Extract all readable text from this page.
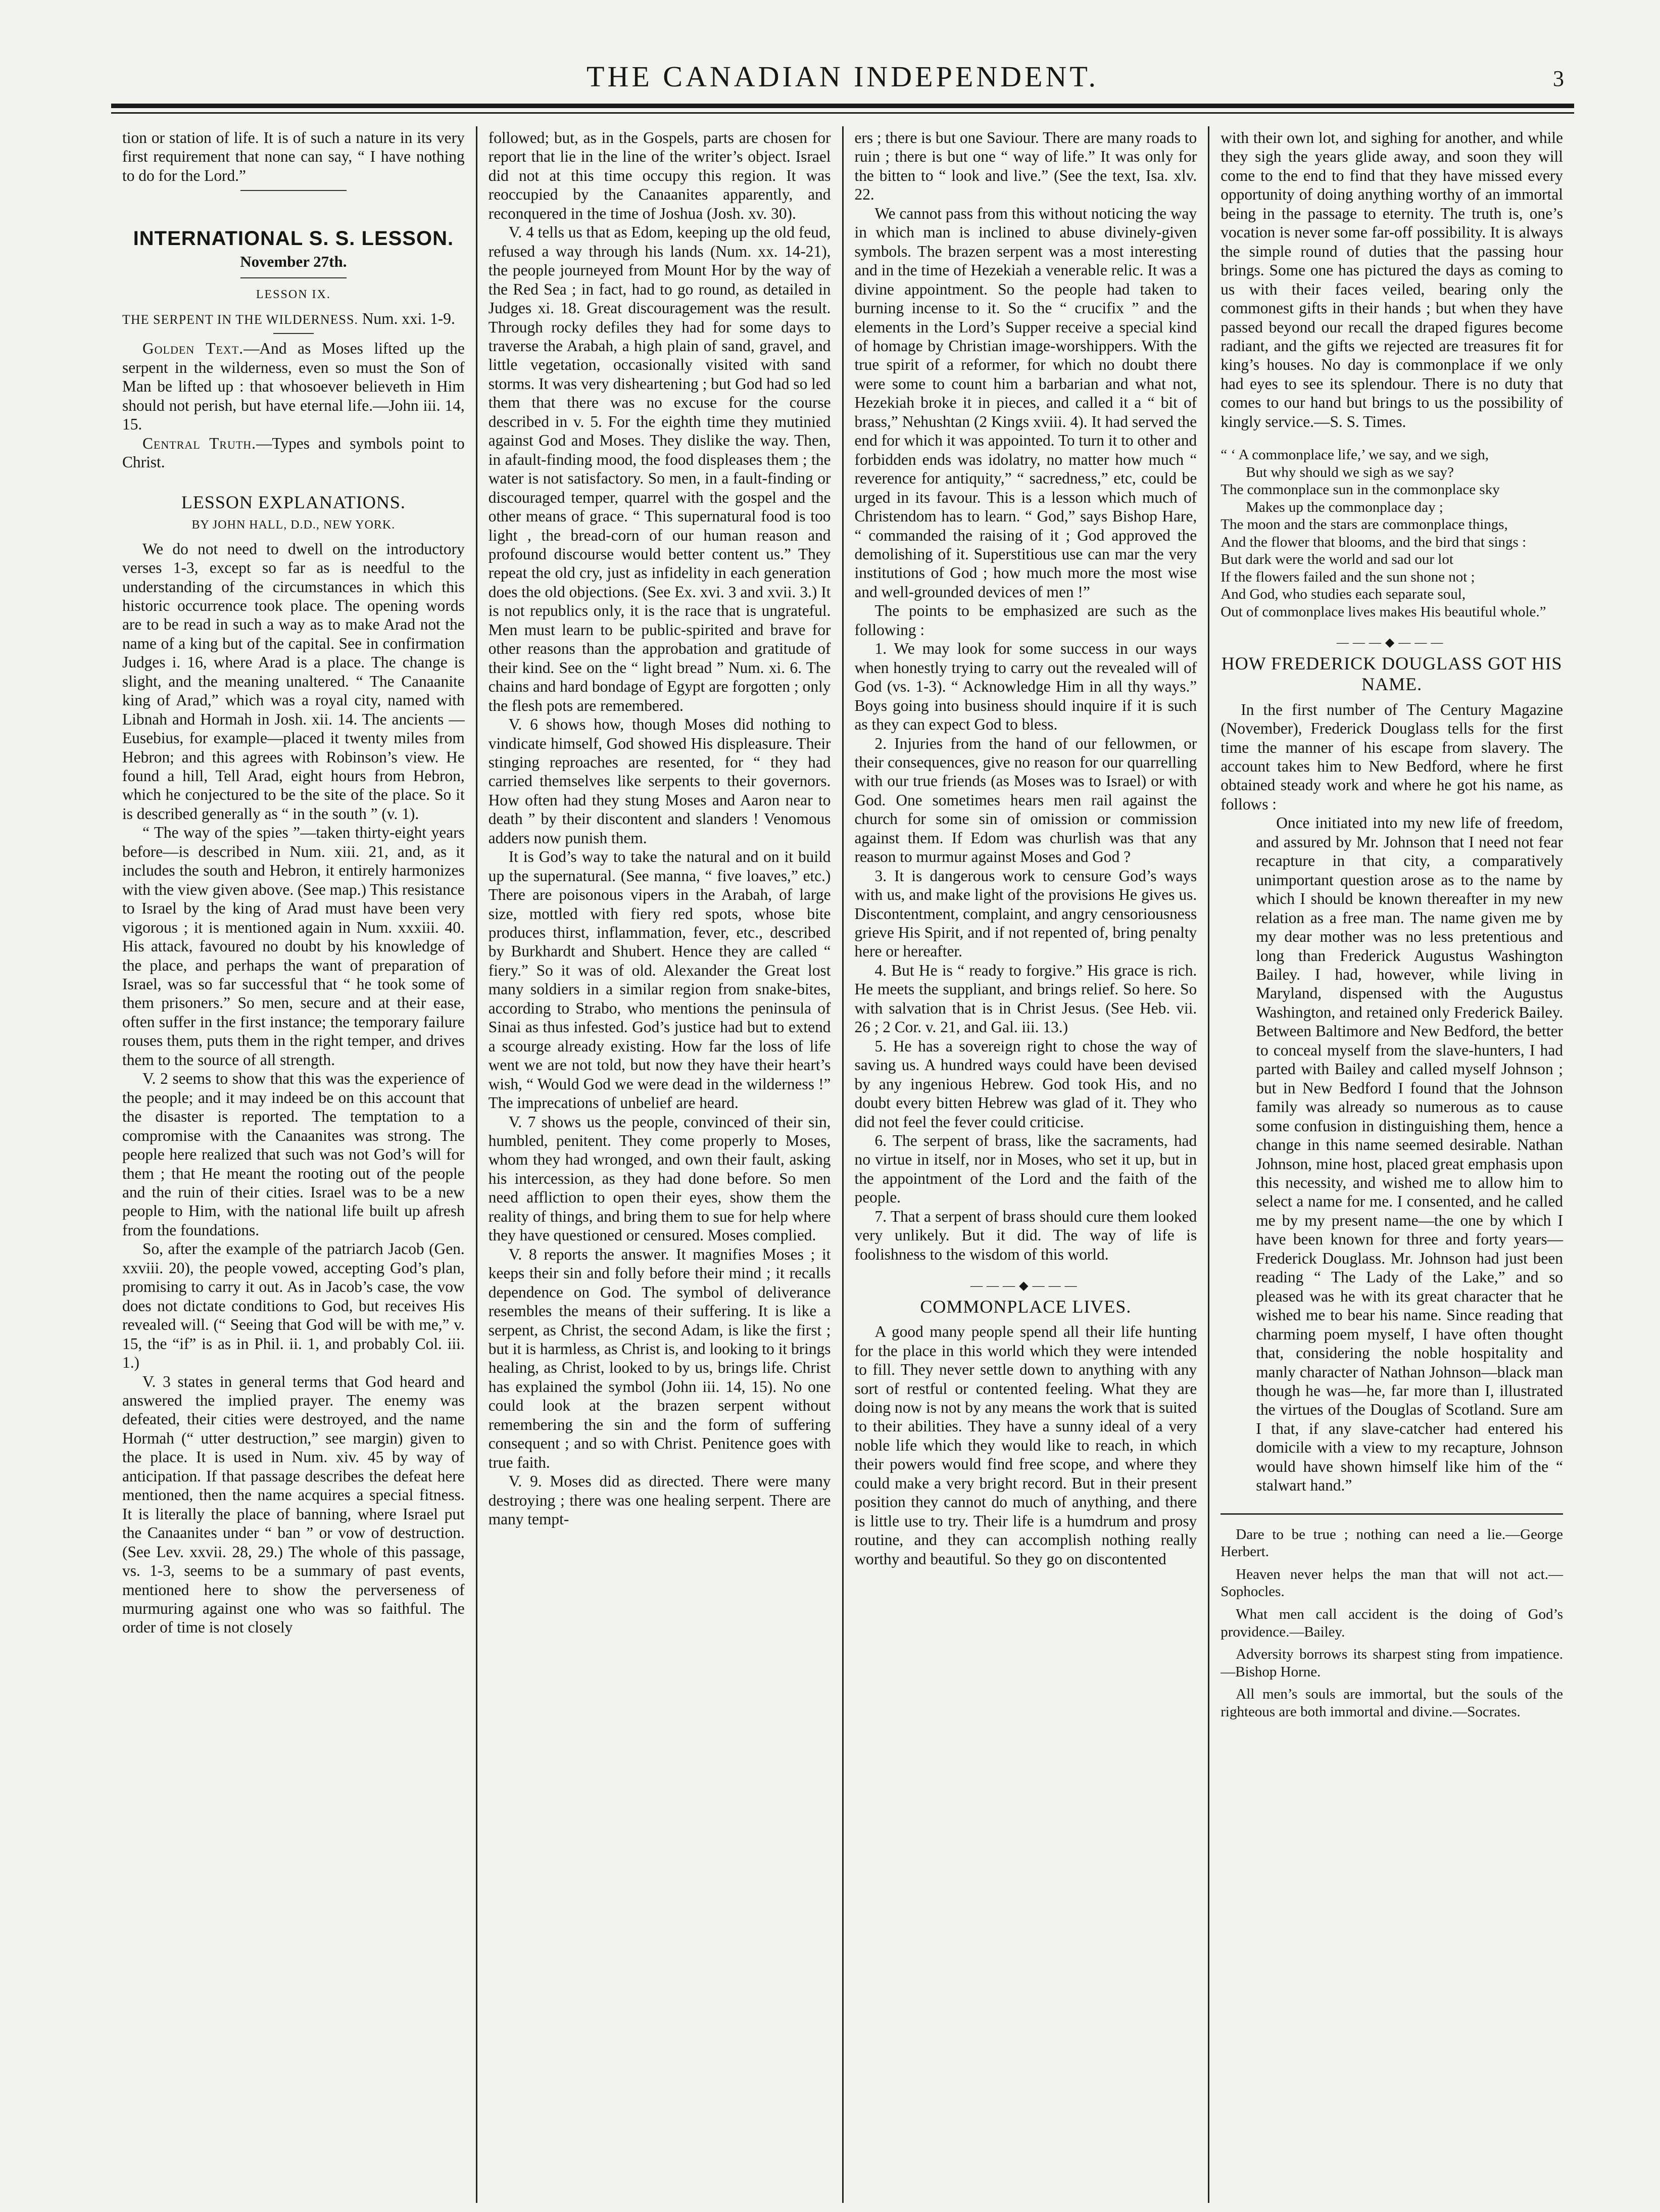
THE CANADIAN INDEPENDENT.	3

tion or station of life. It is of such a nature in its very first requirement that none can say, “ I have nothing to do for the Lord.”

INTERNATIONAL S. S. LESSON.
November 27th.
LESSON IX.

THE SERPENT IN THE WILDERNESS. Num. xxi. 1-9.

Golden Text.—And as Moses lifted up the serpent in the wilderness, even so must the Son of Man be lifted up : that whosoever believeth in Him should not perish, but have eternal life.—John iii. 14, 15.

Central Truth.—Types and symbols point to Christ.

LESSON EXPLANATIONS.
BY JOHN HALL, D.D., NEW YORK.

We do not need to dwell on the introductory verses 1-3, except so far as is needful to the understanding of the circumstances in which this historic occurrence took place. The opening words are to be read in such a way as to make Arad not the name of a king but of the capital. See in confirmation Judges i. 16, where Arad is a place. The change is slight, and the meaning unaltered. “ The Canaanite king of Arad,” which was a royal city, named with Libnah and Hormah in Josh. xii. 14. The ancients —Eusebius, for example—placed it twenty miles from Hebron; and this agrees with Robinson’s view. He found a hill, Tell Arad, eight hours from Hebron, which he conjectured to be the site of the place. So it is described generally as “ in the south ” (v. 1).

“ The way of the spies ”—taken thirty-eight years before—is described in Num. xiii. 21, and, as it includes the south and Hebron, it entirely harmonizes with the view given above. (See map.) This resistance to Israel by the king of Arad must have been very vigorous ; it is mentioned again in Num. xxxiii. 40. His attack, favoured no doubt by his knowledge of the place, and perhaps the want of preparation of Israel, was so far successful that “ he took some of them prisoners.” So men, secure and at their ease, often suffer in the first instance; the temporary failure rouses them, puts them in the right temper, and drives them to the source of all strength.

V. 2 seems to show that this was the experience of the people; and it may indeed be on this account that the disaster is reported. The temptation to a compromise with the Canaanites was strong. The people here realized that such was not God’s will for them ; that He meant the rooting out of the people and the ruin of their cities. Israel was to be a new people to Him, with the national life built up afresh from the foundations.

So, after the example of the patriarch Jacob (Gen. xxviii. 20), the people vowed, accepting God’s plan, promising to carry it out. As in Jacob’s case, the vow does not dictate conditions to God, but receives His revealed will. (“ Seeing that God will be with me,” v. 15, the “if” is as in Phil. ii. 1, and probably Col. iii. 1.)

V. 3 states in general terms that God heard and answered the implied prayer. The enemy was defeated, their cities were destroyed, and the name Hormah (“ utter destruction,” see margin) given to the place. It is used in Num. xiv. 45 by way of anticipation. If that passage describes the defeat here mentioned, then the name acquires a special fitness. It is literally the place of banning, where Israel put the Canaanites under “ ban ” or vow of destruction. (See Lev. xxvii. 28, 29.) The whole of this passage, vs. 1-3, seems to be a summary of past events, mentioned here to show the perverseness of murmuring against one who was so faithful. The order of time is not closely

followed; but, as in the Gospels, parts are chosen for report that lie in the line of the writer’s object. Israel did not at this time occupy this region. It was reoccupied by the Canaanites apparently, and reconquered in the time of Joshua (Josh. xv. 30).

V. 4 tells us that as Edom, keeping up the old feud, refused a way through his lands (Num. xx. 14-21), the people journeyed from Mount Hor by the way of the Red Sea ; in fact, had to go round, as detailed in Judges xi. 18. Great discouragement was the result. Through rocky defiles they had for some days to traverse the Arabah, a high plain of sand, gravel, and little vegetation, occasionally visited with sand storms. It was very disheartening ; but God had so led them that there was no excuse for the course described in v. 5. For the eighth time they mutinied against God and Moses. They dislike the way. Then, in afault-finding mood, the food displeases them ; the water is not satisfactory. So men, in a fault-finding or discouraged temper, quarrel with the gospel and the other means of grace. “ This supernatural food is too light , the bread-corn of our human reason and profound discourse would better content us.” They repeat the old cry, just as infidelity in each generation does the old objections. (See Ex. xvi. 3 and xvii. 3.) It is not republics only, it is the race that is ungrateful. Men must learn to be public-spirited and brave for other reasons than the approbation and gratitude of their kind. See on the “ light bread ” Num. xi. 6. The chains and hard bondage of Egypt are forgotten ; only the flesh pots are remembered.

V. 6 shows how, though Moses did nothing to vindicate himself, God showed His displeasure. Their stinging reproaches are resented, for “ they had carried themselves like serpents to their governors. How often had they stung Moses and Aaron near to death ” by their discontent and slanders ! Venomous adders now punish them.

It is God’s way to take the natural and on it build up the supernatural. (See manna, “ five loaves,” etc.) There are poisonous vipers in the Arabah, of large size, mottled with fiery red spots, whose bite produces thirst, inflammation, fever, etc., described by Burkhardt and Shubert. Hence they are called “ fiery.” So it was of old. Alexander the Great lost many soldiers in a similar region from snake-bites, according to Strabo, who mentions the peninsula of Sinai as thus infested. God’s justice had but to extend a scourge already existing. How far the loss of life went we are not told, but now they have their heart’s wish, “ Would God we were dead in the wilderness !” The imprecations of unbelief are heard.

V. 7 shows us the people, convinced of their sin, humbled, penitent. They come properly to Moses, whom they had wronged, and own their fault, asking his intercession, as they had done before. So men need affliction to open their eyes, show them the reality of things, and bring them to sue for help where they have questioned or censured. Moses complied.

V. 8 reports the answer. It magnifies Moses ; it keeps their sin and folly before their mind ; it recalls dependence on God. The symbol of deliverance resembles the means of their suffering. It is like a serpent, as Christ, the second Adam, is like the first ; but it is harmless, as Christ is, and looking to it brings healing, as Christ, looked to by us, brings life. Christ has explained the symbol (John iii. 14, 15). No one could look at the brazen serpent without remembering the sin and the form of suffering consequent ; and so with Christ. Penitence goes with true faith.

V. 9. Moses did as directed. There were many destroying ; there was one healing serpent. There are many tempt-

ers ; there is but one Saviour. There are many roads to ruin ; there is but one “ way of life.” It was only for the bitten to “ look and live.” (See the text, Isa. xlv. 22.

We cannot pass from this without noticing the way in which man is inclined to abuse divinely-given symbols. The brazen serpent was a most interesting and in the time of Hezekiah a venerable relic. It was a divine appointment. So the people had taken to burning incense to it. So the “ crucifix ” and the elements in the Lord’s Supper receive a special kind of homage by Christian image-worshippers. With the true spirit of a reformer, for which no doubt there were some to count him a barbarian and what not, Hezekiah broke it in pieces, and called it a “ bit of brass,” Nehushtan (2 Kings xviii. 4). It had served the end for which it was appointed. To turn it to other and forbidden ends was idolatry, no matter how much “ reverence for antiquity,” “ sacredness,” etc, could be urged in its favour. This is a lesson which much of Christendom has to learn. “ God,” says Bishop Hare, “ commanded the raising of it ; God approved the demolishing of it. Superstitious use can mar the very institutions of God ; how much more the most wise and well-grounded devices of men !”

The points to be emphasized are such as the following :

1. We may look for some success in our ways when honestly trying to carry out the revealed will of God (vs. 1-3). “ Acknowledge Him in all thy ways.” Boys going into business should inquire if it is such as they can expect God to bless.

2. Injuries from the hand of our fellowmen, or their consequences, give no reason for our quarrelling with our true friends (as Moses was to Israel) or with God. One sometimes hears men rail against the church for some sin of omission or commission against them. If Edom was churlish was that any reason to murmur against Moses and God ?

3. It is dangerous work to censure God’s ways with us, and make light of the provisions He gives us. Discontentment, complaint, and angry censoriousness grieve His Spirit, and if not repented of, bring penalty here or hereafter.

4. But He is “ ready to forgive.” His grace is rich. He meets the suppliant, and brings relief. So here. So with salvation that is in Christ Jesus. (See Heb. vii. 26 ; 2 Cor. v. 21, and Gal. iii. 13.)

5. He has a sovereign right to chose the way of saving us. A hundred ways could have been devised by any ingenious Hebrew. God took His, and no doubt every bitten Hebrew was glad of it. They who did not feel the fever could criticise.

6. The serpent of brass, like the sacraments, had no virtue in itself, nor in Moses, who set it up, but in the appointment of the Lord and the faith of the people.

7. That a serpent of brass should cure them looked very unlikely. But it did. The way of life is foolishness to the wisdom of this world.

―――◆―――
COMMONPLACE LIVES.

A good many people spend all their life hunting for the place in this world which they were intended to fill. They never settle down to anything with any sort of restful or contented feeling. What they are doing now is not by any means the work that is suited to their abilities. They have a sunny ideal of a very noble life which they would like to reach, in which their powers would find free scope, and where they could make a very bright record. But in their present position they cannot do much of anything, and there is little use to try. Their life is a humdrum and prosy routine, and they can accomplish nothing really worthy and beautiful. So they go on discontented

with their own lot, and sighing for another, and while they sigh the years glide away, and soon they will come to the end to find that they have missed every opportunity of doing anything worthy of an immortal being in the passage to eternity. The truth is, one’s vocation is never some far-off possibility. It is always the simple round of duties that the passing hour brings. Some one has pictured the days as coming to us with their faces veiled, bearing only the commonest gifts in their hands ; but when they have passed beyond our recall the draped figures become radiant, and the gifts we rejected are treasures fit for king’s houses. No day is commonplace if we only had eyes to see its splendour. There is no duty that comes to our hand but brings to us the possibility of kingly service.—S. S. Times.

“ ‘ A commonplace life,’ we say, and we sigh,
But why should we sigh as we say?
The commonplace sun in the commonplace sky
Makes up the commonplace day ;
The moon and the stars are commonplace things,
And the flower that blooms, and the bird that sings :
But dark were the world and sad our lot
If the flowers failed and the sun shone not ;
And God, who studies each separate soul,
Out of commonplace lives makes His beautiful whole.”
―――◆―――
HOW FREDERICK DOUGLASS GOT HIS NAME.

In the first number of The Century Magazine (November), Frederick Douglass tells for the first time the manner of his escape from slavery. The account takes him to New Bedford, where he first obtained steady work and where he got his name, as follows :

Once initiated into my new life of freedom, and assured by Mr. Johnson that I need not fear recapture in that city, a comparatively unimportant question arose as to the name by which I should be known thereafter in my new relation as a free man. The name given me by my dear mother was no less pretentious and long than Frederick Augustus Washington Bailey. I had, however, while living in Maryland, dispensed with the Augustus Washington, and retained only Frederick Bailey. Between Baltimore and New Bedford, the better to conceal myself from the slave-hunters, I had parted with Bailey and called myself Johnson ; but in New Bedford I found that the Johnson family was already so numerous as to cause some confusion in distinguishing them, hence a change in this name seemed desirable. Nathan Johnson, mine host, placed great emphasis upon this necessity, and wished me to allow him to select a name for me. I consented, and he called me by my present name—the one by which I have been known for three and forty years—Frederick Douglass. Mr. Johnson had just been reading “ The Lady of the Lake,” and so pleased was he with its great character that he wished me to bear his name. Since reading that charming poem myself, I have often thought that, considering the noble hospitality and manly character of Nathan Johnson—black man though he was—he, far more than I, illustrated the virtues of the Douglas of Scotland. Sure am I that, if any slave-catcher had entered his domicile with a view to my recapture, Johnson would have shown himself like him of the “ stalwart hand.”

Dare to be true ; nothing can need a lie.—George Herbert.

Heaven never helps the man that will not act.—Sophocles.

What men call accident is the doing of God’s providence.—Bailey.

Adversity borrows its sharpest sting from impatience.—Bishop Horne.

All men’s souls are immortal, but the souls of the righteous are both immortal and divine.—Socrates.
